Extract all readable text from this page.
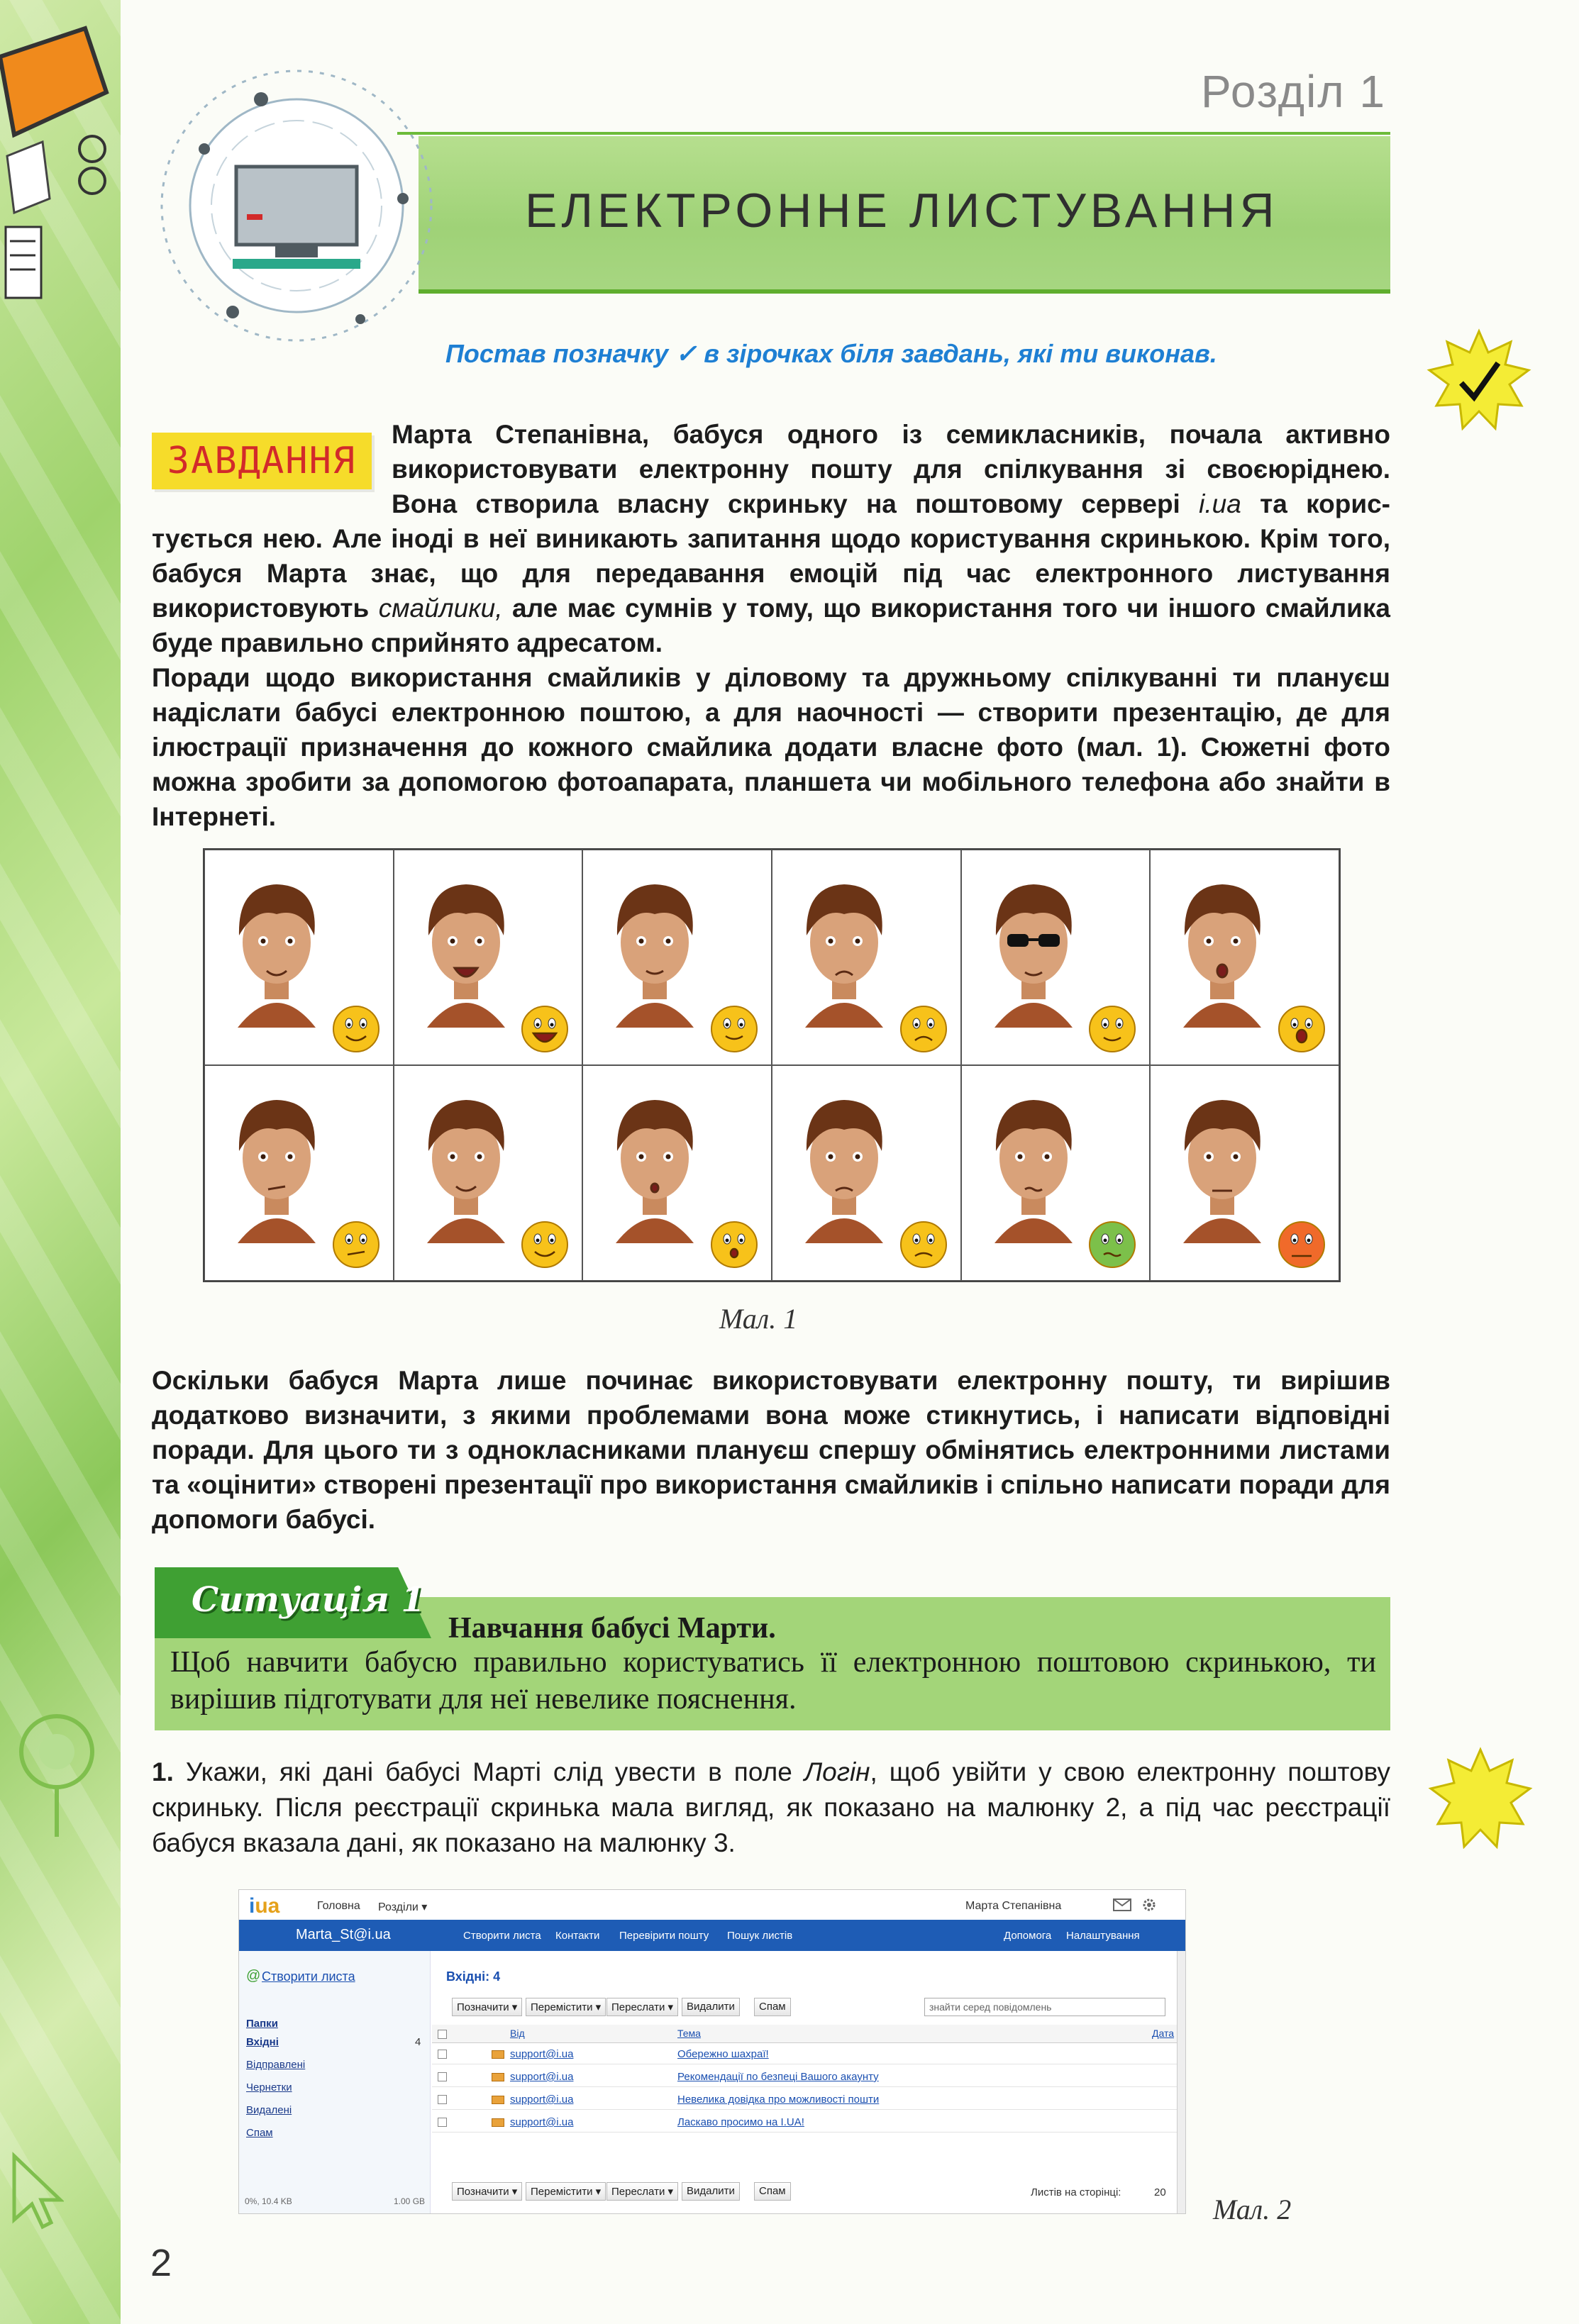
Розділ 1
ЕЛЕКТРОННЕ ЛИСТУВАННЯ
Постав позначку ✓ в зірочках біля завдань, які ти виконав.
ЗАВДАННЯ
Марта Степанівна, бабуся одного із семикласників, почала активно
використовувати електронну пошту для спілкування зі своєюріднею.
Вона створила власну скриньку на поштовому сервері i.ua та корис-
тується нею. Але іноді в неї виникають запитання щодо користування скринькою. Крім того, бабуся Марта знає, що для передавання емоцій під час електронного листування використовують смайлики, але має сумнів у тому, що використання того чи іншого смайлика буде правильно сприйнято адресатом.
Поради щодо використання смайликів у діловому та дружньому спілкуванні ти плануєш надіслати бабусі електронною поштою, а для наочності — створити презентацію, де для ілюстрації призначення до кожного смайлика додати власне фото (мал. 1). Сюжетні фото можна зробити за допомогою фотоапарата, планшета чи мобільного телефона або знайти в Інтернеті.
Мал. 1
Оскільки бабуся Марта лише починає використовувати електронну пошту, ти вирішив додатково визначити, з якими проблемами вона може стикнутись, і написати відповідні поради. Для цього ти з однокласниками плануєш спершу обмінятись електронними листами та «оцінити» створені презентації про використання смайликів і спільно написати поради для допомоги бабусі.
Ситуація 1
Навчання бабусі Марти.
Щоб навчити бабусю правильно користуватись її електронною поштовою скринькою, ти вирішив підготувати для неї невелике пояснення.
1. Укажи, які дані бабусі Марті слід увести в поле Логін, щоб увійти у свою електронну поштову скриньку. Після реєстрації скринька мала вигляд, як показано на малюнку 2, а під час реєстрації бабуся вказала дані, як показано на малюнку 3.
iua	Головна Розділи ▾	Марта Степанівна
Marta_St@i.ua	Створити листа Контакти Перевірити пошту Пошук листів	Допомога Налаштування
@ Створити листа
Папки
Вхідні	4
Відправлені
Чернетки
Видалені
Спам
0%, 10.4 KB	1.00 GB
Вхідні: 4
Позначити ▾	Перемістити ▾ Переслати ▾	Видалити	Спам	знайти серед повідомлень
Від	Тема	Дата
support@i.ua	Обережно шахраї!
support@i.ua	Рекомендації по безпеці Вашого акаунту
support@i.ua	Невелика довідка про можливості пошти
support@i.ua	Ласкаво просимо на I.UA!
Позначити ▾	Перемістити ▾ Переслати ▾	Видалити	Спам	Листів на сторінці:	20
Мал. 2
2
